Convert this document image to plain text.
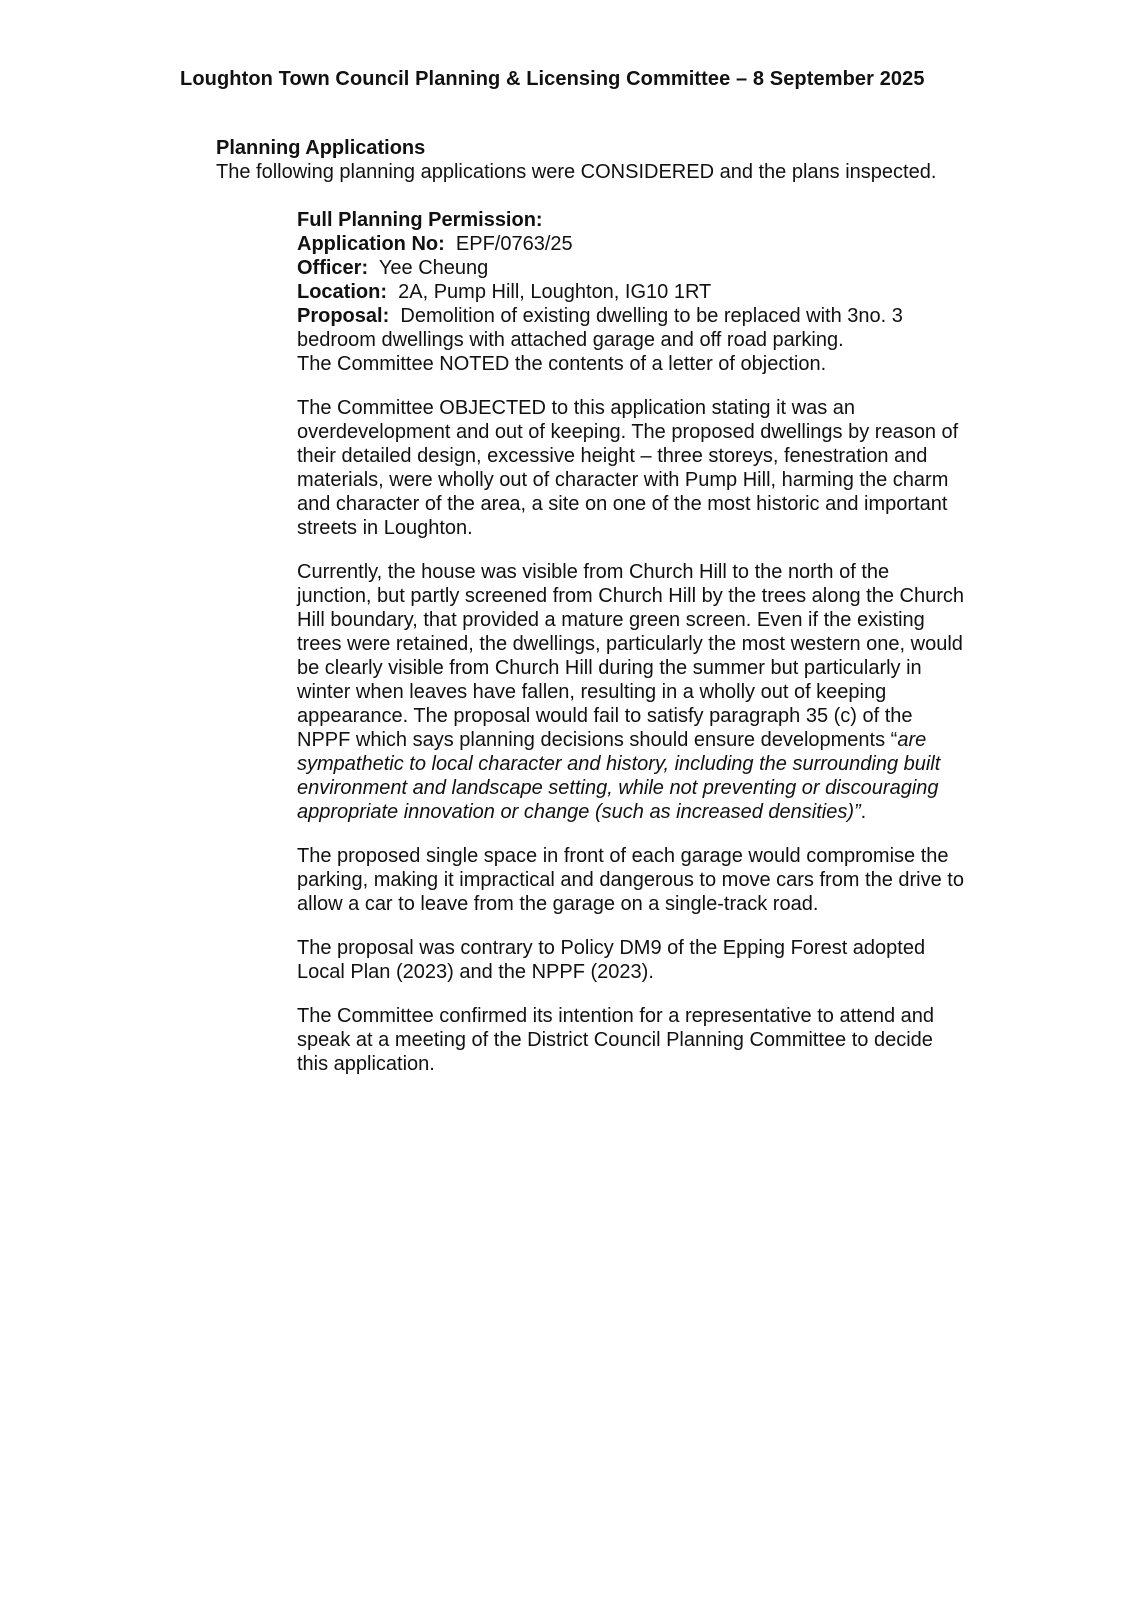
Loughton Town Council Planning & Licensing Committee – 8 September 2025
Planning Applications
The following planning applications were CONSIDERED and the plans inspected.
Full Planning Permission:
Application No: EPF/0763/25
Officer: Yee Cheung
Location: 2A, Pump Hill, Loughton, IG10 1RT
Proposal: Demolition of existing dwelling to be replaced with 3no. 3
bedroom dwellings with attached garage and off road parking.
The Committee NOTED the contents of a letter of objection.
The Committee OBJECTED to this application stating it was an
overdevelopment and out of keeping. The proposed dwellings by reason of
their detailed design, excessive height – three storeys, fenestration and
materials, were wholly out of character with Pump Hill, harming the charm
and character of the area, a site on one of the most historic and important
streets in Loughton.
Currently, the house was visible from Church Hill to the north of the
junction, but partly screened from Church Hill by the trees along the Church
Hill boundary, that provided a mature green screen. Even if the existing
trees were retained, the dwellings, particularly the most western one, would
be clearly visible from Church Hill during the summer but particularly in
winter when leaves have fallen, resulting in a wholly out of keeping
appearance. The proposal would fail to satisfy paragraph 35 (c) of the
NPPF which says planning decisions should ensure developments “are
sympathetic to local character and history, including the surrounding built
environment and landscape setting, while not preventing or discouraging
appropriate innovation or change (such as increased densities)”.
The proposed single space in front of each garage would compromise the
parking, making it impractical and dangerous to move cars from the drive to
allow a car to leave from the garage on a single-track road.
The proposal was contrary to Policy DM9 of the Epping Forest adopted
Local Plan (2023) and the NPPF (2023).
The Committee confirmed its intention for a representative to attend and
speak at a meeting of the District Council Planning Committee to decide
this application.
